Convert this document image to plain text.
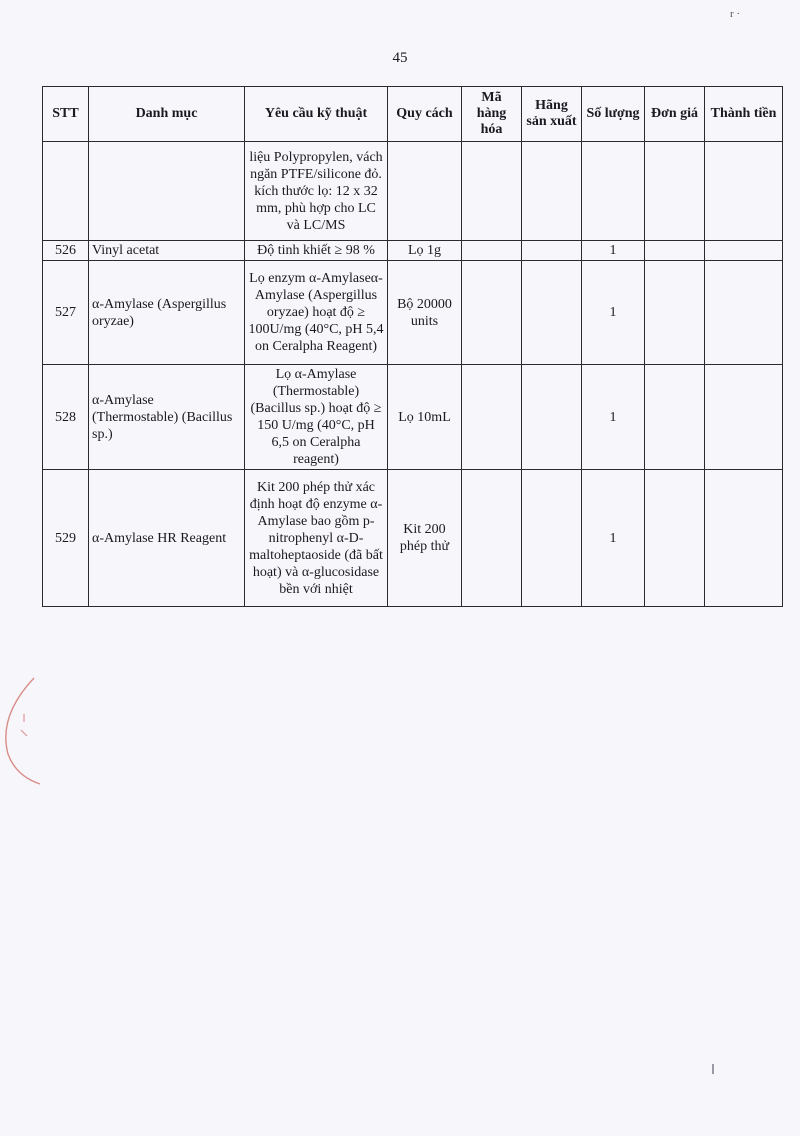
r ·
45
STT	Danh mục	Yêu cầu kỹ thuật	Quy cách	Mã hàng hóa	Hãng sản xuất	Số lượng	Đơn giá	Thành tiền
		liệu Polypropylen, vách ngăn PTFE/silicone đỏ. kích thước lọ: 12 x 32 mm, phù hợp cho LC và LC/MS						
526	Vinyl acetat	Độ tinh khiết ≥ 98 %	Lọ 1g			1		
527	α-Amylase (Aspergillus oryzae)	Lọ enzym α-Amylaseα-Amylase (Aspergillus oryzae) hoạt độ ≥ 100U/mg (40°C, pH 5,4 on Ceralpha Reagent)	Bộ 20000 units			1		
528	α-Amylase (Thermostable) (Bacillus sp.)	Lọ α-Amylase (Thermostable) (Bacillus sp.) hoạt độ ≥ 150 U/mg (40°C, pH 6,5 on Ceralpha reagent)	Lọ 10mL			1		
529	α-Amylase HR Reagent	Kit 200 phép thử xác định hoạt độ enzyme α-Amylase bao gồm p-nitrophenyl α-D-maltoheptaoside (đã bất hoạt) và α-glucosidase bền với nhiệt	Kit 200 phép thử			1		
